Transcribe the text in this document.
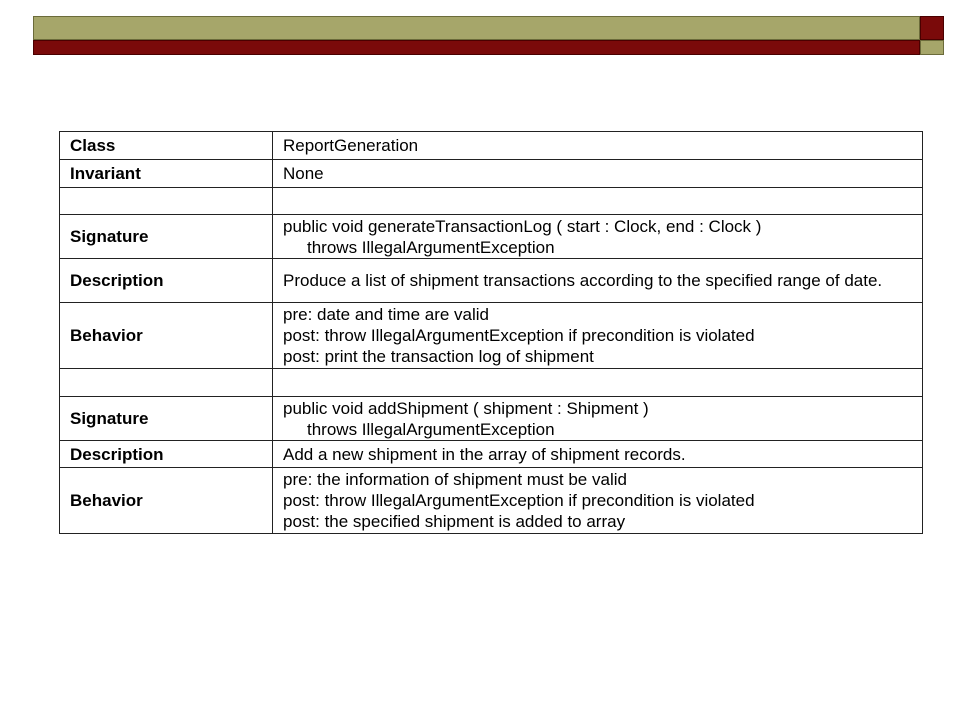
Class	ReportGeneration

Invariant	None

Signature	public void generateTransactionLog ( start : Clock, end : Clock )
throws IllegalArgumentException

Description	Produce a list of shipment transactions according to the specified range of date.

Behavior	pre: date and time are valid
post: throw IllegalArgumentException if precondition is violated
post: print the transaction log of shipment

Signature	public void addShipment ( shipment : Shipment )
throws IllegalArgumentException

Description	Add a new shipment in the array of shipment records.

Behavior	pre: the information of shipment must be valid
post: throw IllegalArgumentException if precondition is violated
post: the specified shipment is added to array
